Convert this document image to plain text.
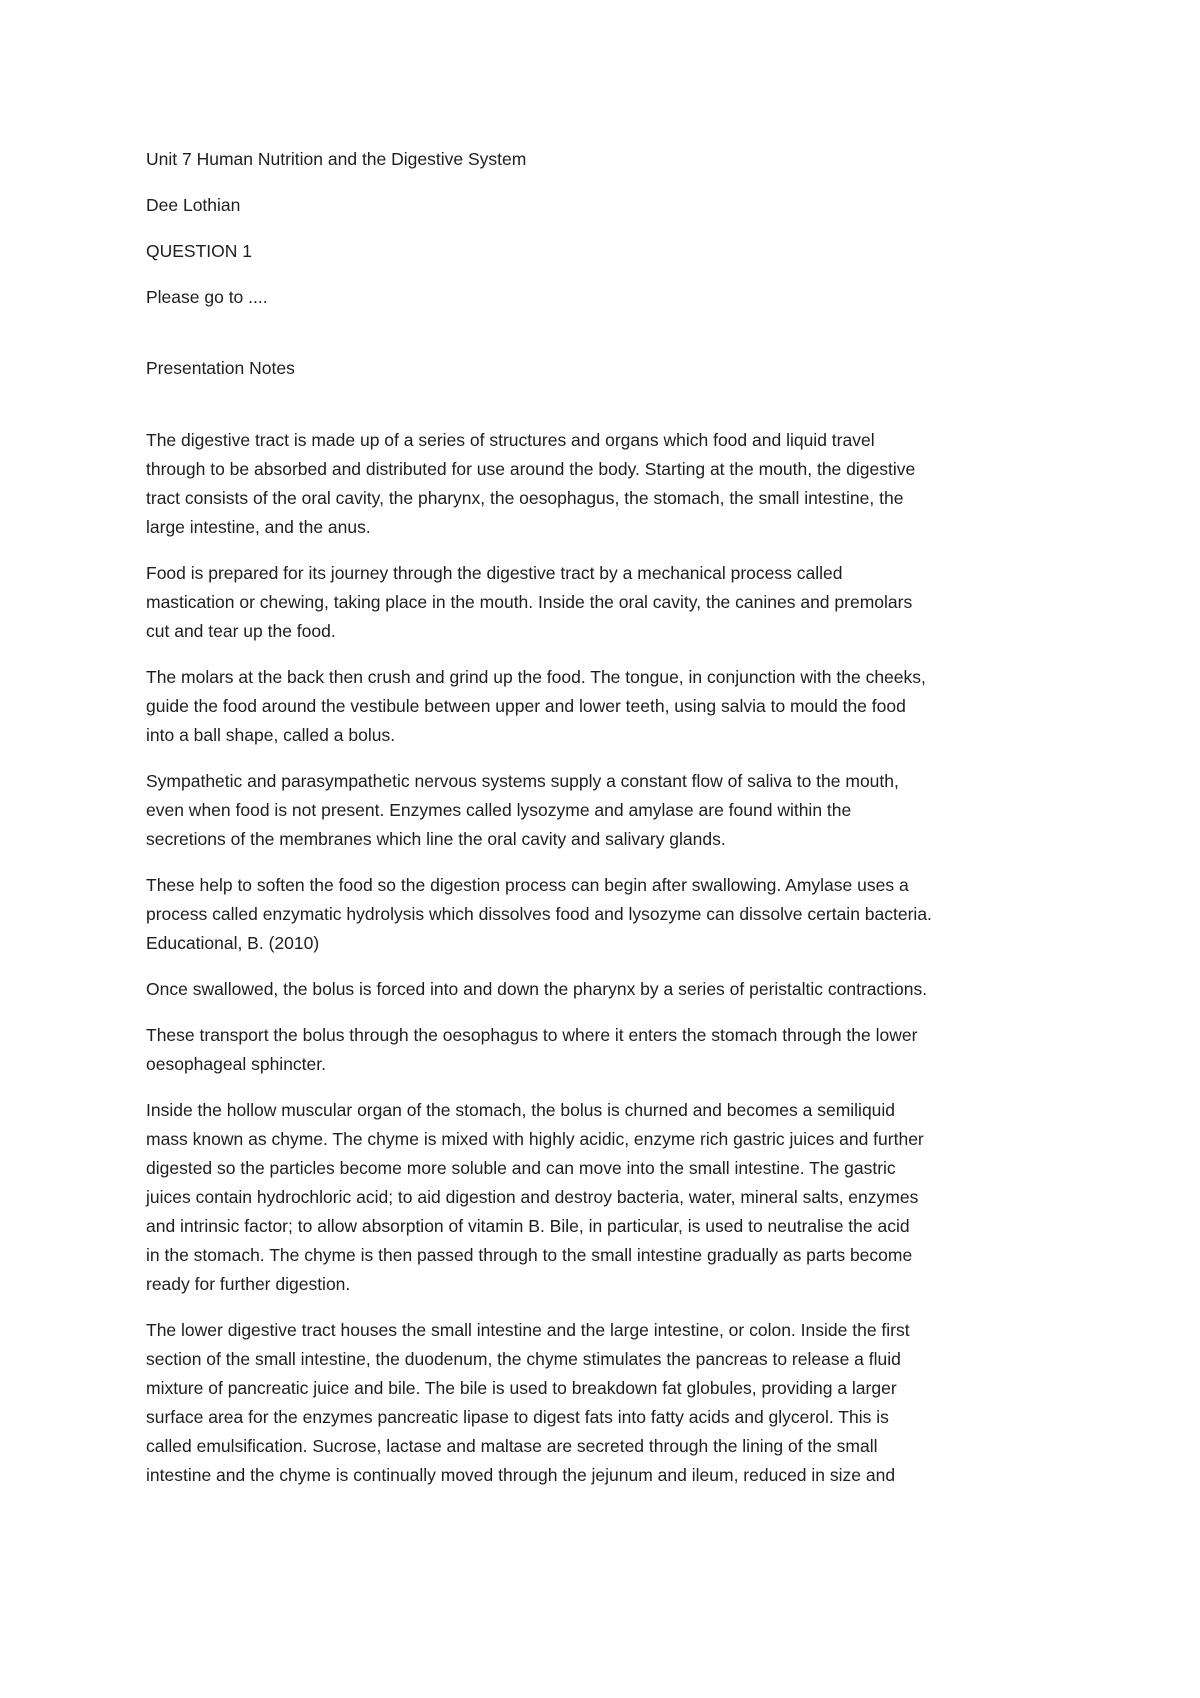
Unit 7 Human Nutrition and the Digestive System

Dee Lothian

QUESTION 1

Please go to ....

Presentation Notes

The digestive tract is made up of a series of structures and organs which food and liquid travel

through to be absorbed and distributed for use around the body. Starting at the mouth, the digestive

tract consists of the oral cavity, the pharynx, the oesophagus, the stomach, the small intestine, the

large intestine, and the anus.

Food is prepared for its journey through the digestive tract by a mechanical process called

mastication or chewing, taking place in the mouth. Inside the oral cavity, the canines and premolars

cut and tear up the food.

The molars at the back then crush and grind up the food. The tongue, in conjunction with the cheeks,

guide the food around the vestibule between upper and lower teeth, using salvia to mould the food

into a ball shape, called a bolus.

Sympathetic and parasympathetic nervous systems supply a constant flow of saliva to the mouth,

even when food is not present. Enzymes called lysozyme and amylase are found within the

secretions of the membranes which line the oral cavity and salivary glands.

These help to soften the food so the digestion process can begin after swallowing. Amylase uses a

process called enzymatic hydrolysis which dissolves food and lysozyme can dissolve certain bacteria.

Educational, B. (2010)

Once swallowed, the bolus is forced into and down the pharynx by a series of peristaltic contractions.

These transport the bolus through the oesophagus to where it enters the stomach through the lower

oesophageal sphincter.

Inside the hollow muscular organ of the stomach, the bolus is churned and becomes a semiliquid

mass known as chyme. The chyme is mixed with highly acidic, enzyme rich gastric juices and further

digested so the particles become more soluble and can move into the small intestine. The gastric

juices contain hydrochloric acid; to aid digestion and destroy bacteria, water, mineral salts, enzymes

and intrinsic factor; to allow absorption of vitamin B. Bile, in particular, is used to neutralise the acid

in the stomach. The chyme is then passed through to the small intestine gradually as parts become

ready for further digestion.

The lower digestive tract houses the small intestine and the large intestine, or colon. Inside the first

section of the small intestine, the duodenum, the chyme stimulates the pancreas to release a fluid

mixture of pancreatic juice and bile. The bile is used to breakdown fat globules, providing a larger

surface area for the enzymes pancreatic lipase to digest fats into fatty acids and glycerol. This is

called emulsification. Sucrose, lactase and maltase are secreted through the lining of the small

intestine and the chyme is continually moved through the jejunum and ileum, reduced in size and
